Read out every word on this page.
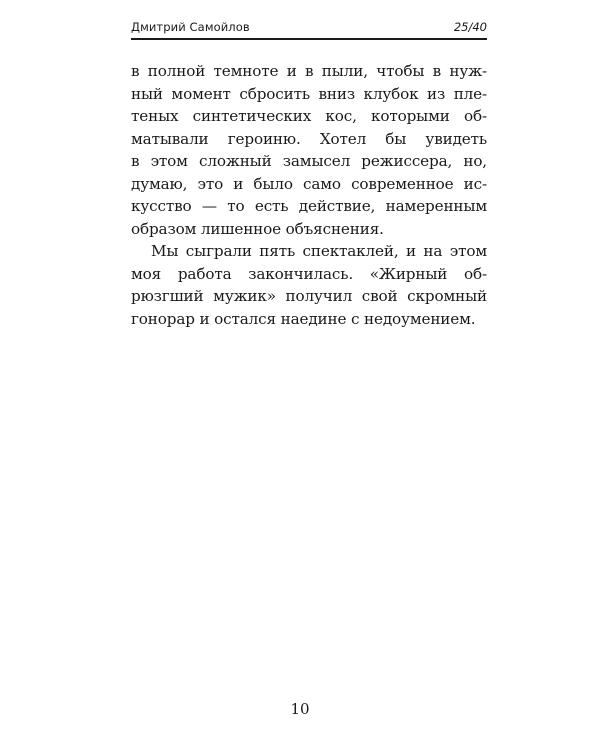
Дмитрий Самойлов	25/40
в полной темноте и в пыли, чтобы в нуж-
ный момент сбросить вниз клубок из пле-
теных синтетических кос, которыми об-
матывали героиню. Хотел бы увидеть
в этом сложный замысел режиссера, но,
думаю, это и было само современное ис-
кусство — то есть действие, намеренным
образом лишенное объяснения.
Мы сыграли пять спектаклей, и на этом
моя работа закончилась. «Жирный об-
рюзгший мужик» получил свой скромный
гонорар и остался наедине с недоумением.
10
